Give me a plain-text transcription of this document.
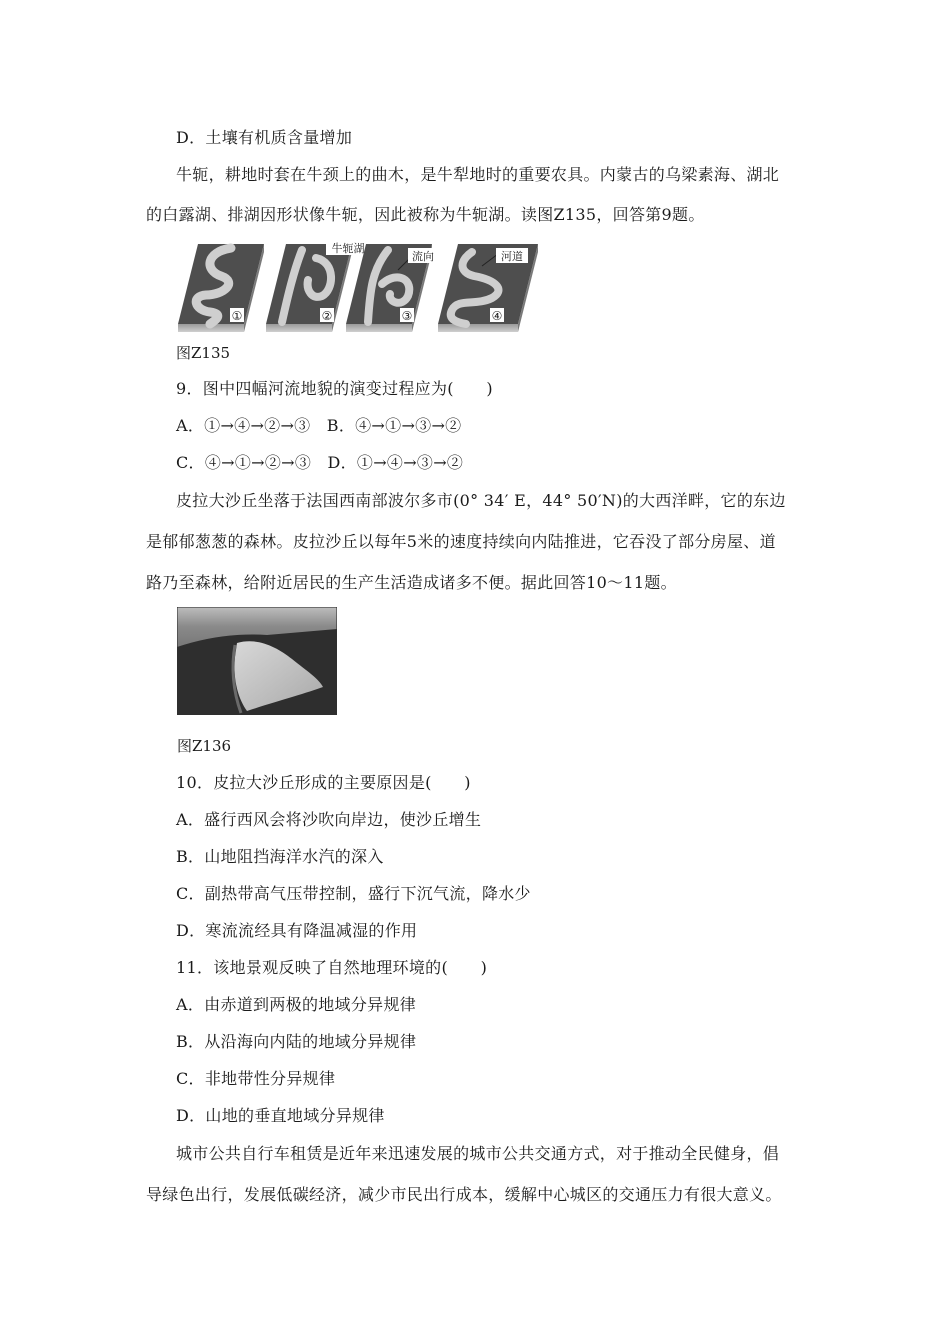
D．土壤有机质含量增加
牛轭，耕地时套在牛颈上的曲木，是牛犁地时的重要农具。内蒙古的乌梁素海、湖北
的白露湖、排湖因形状像牛轭，因此被称为牛轭湖。读图Z135，回答第9题。
①	②
牛轭湖
③
流向
④
河道
图Z135
9．图中四幅河流地貌的演变过程应为(　　)
A．①→④→②→③　B．④→①→③→②
C．④→①→②→③　D．①→④→③→②
皮拉大沙丘坐落于法国西南部波尔多市(0° 34′ E，44° 50′N)的大西洋畔，它的东边
是郁郁葱葱的森林。皮拉沙丘以每年5米的速度持续向内陆推进，它吞没了部分房屋、道
路乃至森林，给附近居民的生产生活造成诸多不便。据此回答10～11题。
图Z136
10．皮拉大沙丘形成的主要原因是(　　)
A．盛行西风会将沙吹向岸边，使沙丘增生
B．山地阻挡海洋水汽的深入
C．副热带高气压带控制，盛行下沉气流，降水少
D．寒流流经具有降温减湿的作用
11．该地景观反映了自然地理环境的(　　)
A．由赤道到两极的地域分异规律
B．从沿海向内陆的地域分异规律
C．非地带性分异规律
D．山地的垂直地域分异规律
城市公共自行车租赁是近年来迅速发展的城市公共交通方式，对于推动全民健身，倡
导绿色出行，发展低碳经济，减少市民出行成本，缓解中心城区的交通压力有很大意义。
